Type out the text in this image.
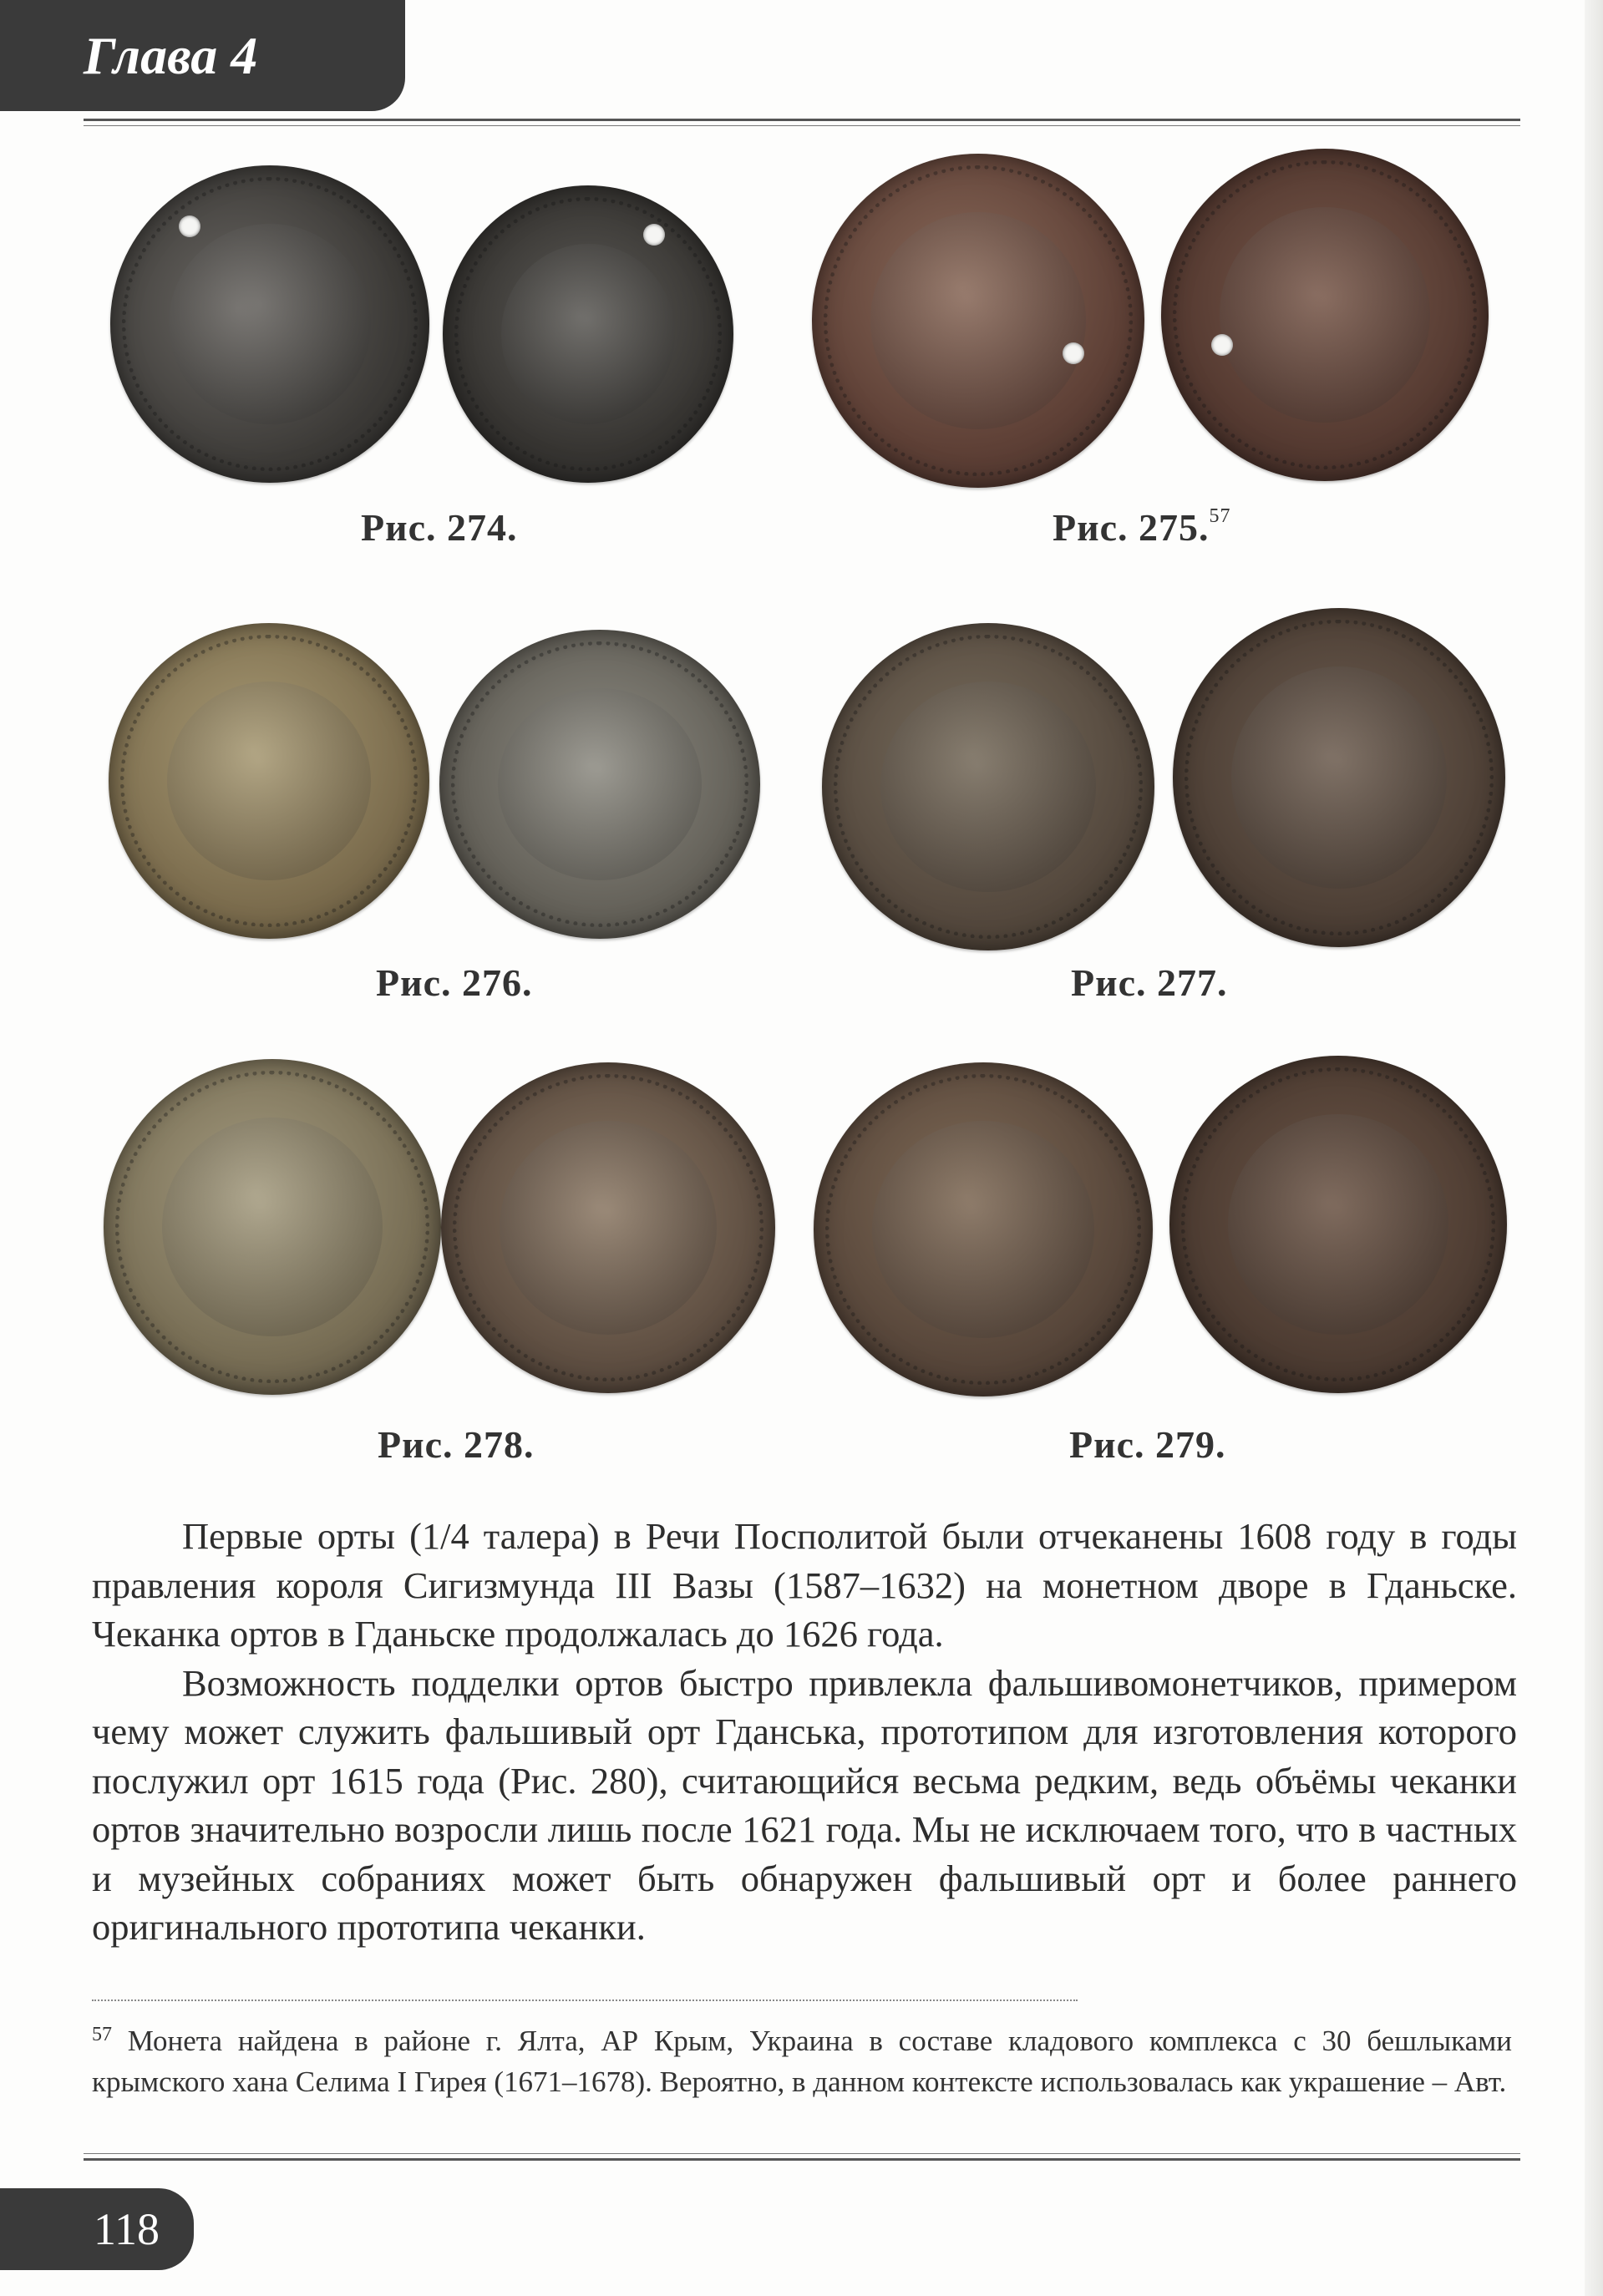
Глава 4
Рис. 274.	Рис. 275.57
Рис. 276.	Рис. 277.
Рис. 278.	Рис. 279.

Первые орты (1/4 талера) в Речи Посполитой были отчеканены 1608 году в годы правления короля Сигизмунда III Вазы (1587–1632) на монетном дворе в Гданьске. Чеканка ортов в Гданьске продолжалась до 1626 года.

Возможность подделки ортов быстро привлекла фальшивомонетчиков, примером чему может служить фальшивый орт Гданська, прототипом для изготовления которого послужил орт 1615 года (Рис. 280), считающийся весьма редким, ведь объёмы чеканки ортов значительно возросли лишь после 1621 года. Мы не исключаем того, что в частных и музейных собраниях может быть обнаружен фальшивый орт и более раннего оригинального прототипа чеканки.

$^{57}$ Монета найдена в районе г. Ялта, АР Крым, Украина в составе кладового комплекса с 30 бешлыками крымского хана Селима I Гирея (1671–1678). Вероятно, в данном контексте использовалась как украшение – Авт.
118
